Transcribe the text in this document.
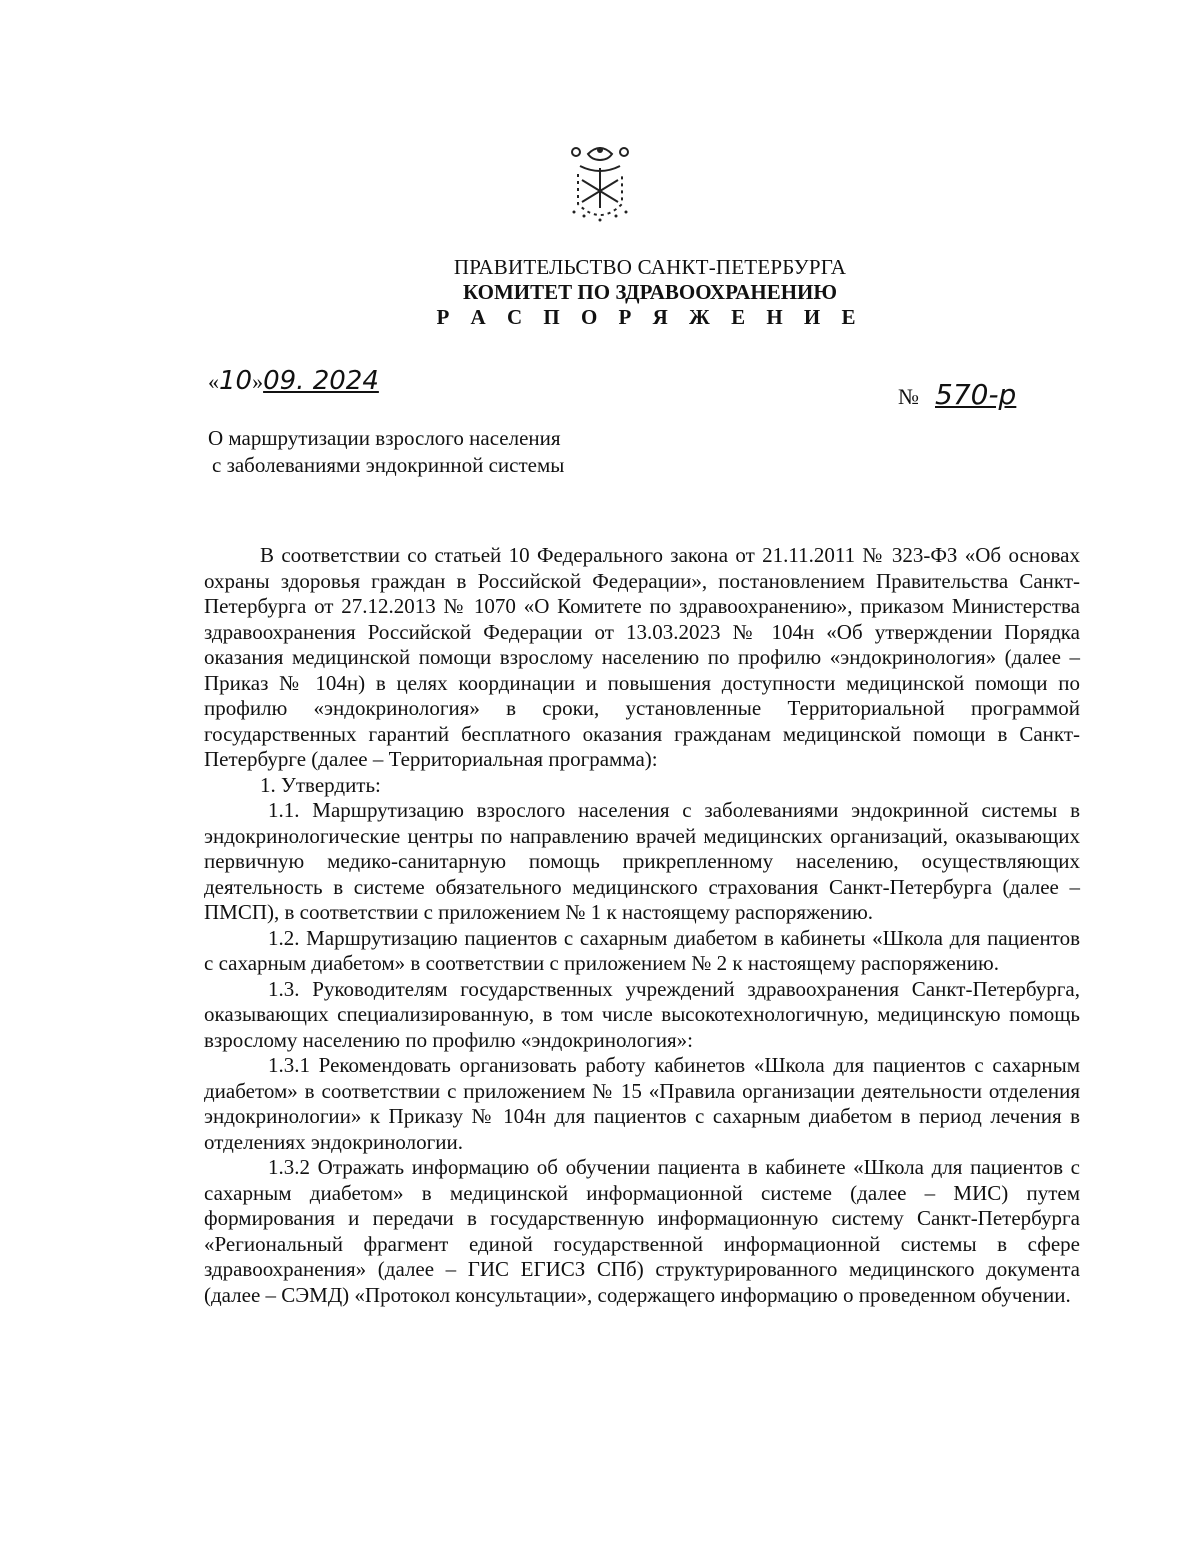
ПРАВИТЕЛЬСТВО САНКТ-ПЕТЕРБУРГА
КОМИТЕТ ПО ЗДРАВООХРАНЕНИЮ
Р А С П О Р Я Ж Е Н И Е
«10»09. 2024
№ 570-р
О маршрутизации взрослого населения
с заболеваниями эндокринной системы

В соответствии со статьей 10 Федерального закона от 21.11.2011 № 323-ФЗ «Об основах охраны здоровья граждан в Российской Федерации», постановлением Правительства Санкт-Петербурга от 27.12.2013 № 1070 «О Комитете по здравоохранению», приказом Министерства здравоохранения Российской Федерации от 13.03.2023 № 104н «Об утверждении Порядка оказания медицинской помощи взрослому населению по профилю «эндокринология» (далее – Приказ № 104н) в целях координации и повышения доступности медицинской помощи по профилю «эндокринология» в сроки, установленные Территориальной программой государственных гарантий бесплатного оказания гражданам медицинской помощи в Санкт-Петербурге (далее – Территориальная программа):

1. Утвердить:

1.1. Маршрутизацию взрослого населения с заболеваниями эндокринной системы в эндокринологические центры по направлению врачей медицинских организаций, оказывающих первичную медико-санитарную помощь прикрепленному населению, осуществляющих деятельность в системе обязательного медицинского страхования Санкт-Петербурга (далее – ПМСП), в соответствии с приложением № 1 к настоящему распоряжению.

1.2. Маршрутизацию пациентов с сахарным диабетом в кабинеты «Школа для пациентов с сахарным диабетом» в соответствии с приложением № 2 к настоящему распоряжению.

1.3. Руководителям государственных учреждений здравоохранения Санкт-Петербурга, оказывающих специализированную, в том числе высокотехнологичную, медицинскую помощь взрослому населению по профилю «эндокринология»:

1.3.1 Рекомендовать организовать работу кабинетов «Школа для пациентов с сахарным диабетом» в соответствии с приложением № 15 «Правила организации деятельности отделения эндокринологии» к Приказу № 104н для пациентов с сахарным диабетом в период лечения в отделениях эндокринологии.

1.3.2 Отражать информацию об обучении пациента в кабинете «Школа для пациентов с сахарным диабетом» в медицинской информационной системе (далее – МИС) путем формирования и передачи в государственную информационную систему Санкт-Петербурга «Региональный фрагмент единой государственной информационной системы в сфере здравоохранения» (далее – ГИС ЕГИСЗ СПб) структурированного медицинского документа (далее – СЭМД) «Протокол консультации», содержащего информацию о проведенном обучении.
